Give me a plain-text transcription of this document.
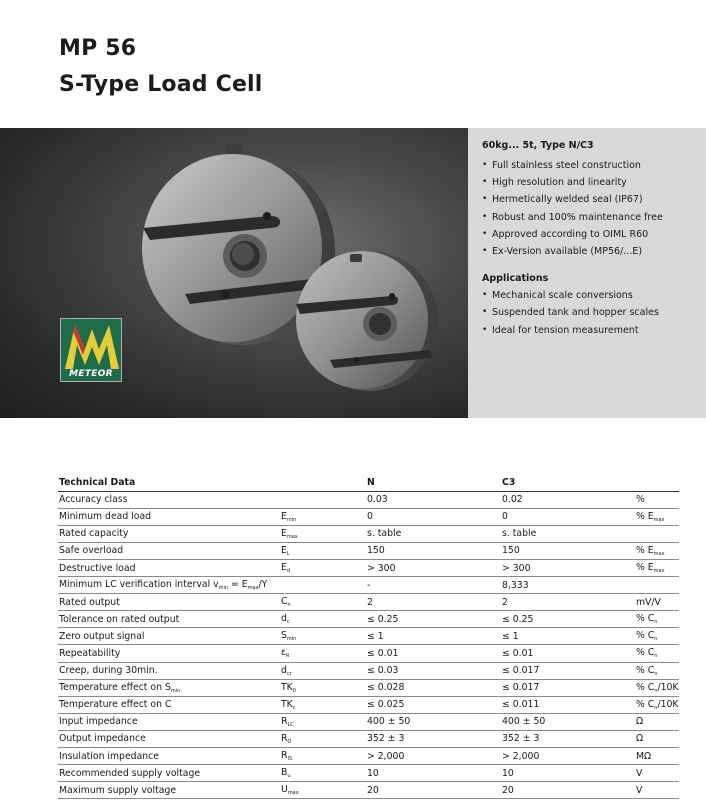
MP 56
S-Type Load Cell
METEOR
60kg... 5t, Type N/C3
• Full stainless steel construction
• High resolution and linearity
• Hermetically welded seal (IP67)
• Robust and 100% maintenance free
• Approved according to OIML R60
• Ex-Version available (MP56/...E)
Applications
• Mechanical scale conversions
• Suspended tank and hopper scales
• Ideal for tension measurement
Technical Data		N	C3	
Accuracy class		0.03	0.02	%
Minimum dead load	$E_{min}$	0	0	% $E_{max}$
Rated capacity	$E_{max}$	s. table	s. table	
Safe overload	$E_L$	150	150	% $E_{max}$
Destructive load	$E_d$	> 300	> 300	% $E_{max}$
Minimum LC verification interval $v_{min} = E_{max}/Y$		-	8,333	
Rated output	$C_n$	2	2	mV/V
Tolerance on rated output	$d_c$	≤ 0.25	≤ 0.25	% $C_n$
Zero output signal	$S_{min}$	≤ 1	≤ 1	% $C_n$
Repeatability	$\varepsilon_R$	≤ 0.01	≤ 0.01	% $C_n$
Creep, during 30min.	$d_{cr}$	≤ 0.03	≤ 0.017	% $C_n$
Temperature effect on $S_{min}$	$TK_0$	≤ 0.028	≤ 0.017	% $C_n/10K$
Temperature effect on C	$TK_c$	≤ 0.025	≤ 0.011	% $C_n/10K$
Input impedance	$R_{LC}$	400 ± 50	400 ± 50	Ω
Output impedance	$R_O$	352 ± 3	352 ± 3	Ω
Insulation impedance	$R_{IS}$	> 2,000	> 2,000	MΩ
Recommended supply voltage	$B_u$	10	10	V
Maximum supply voltage	$U_{max}$	20	20	V
